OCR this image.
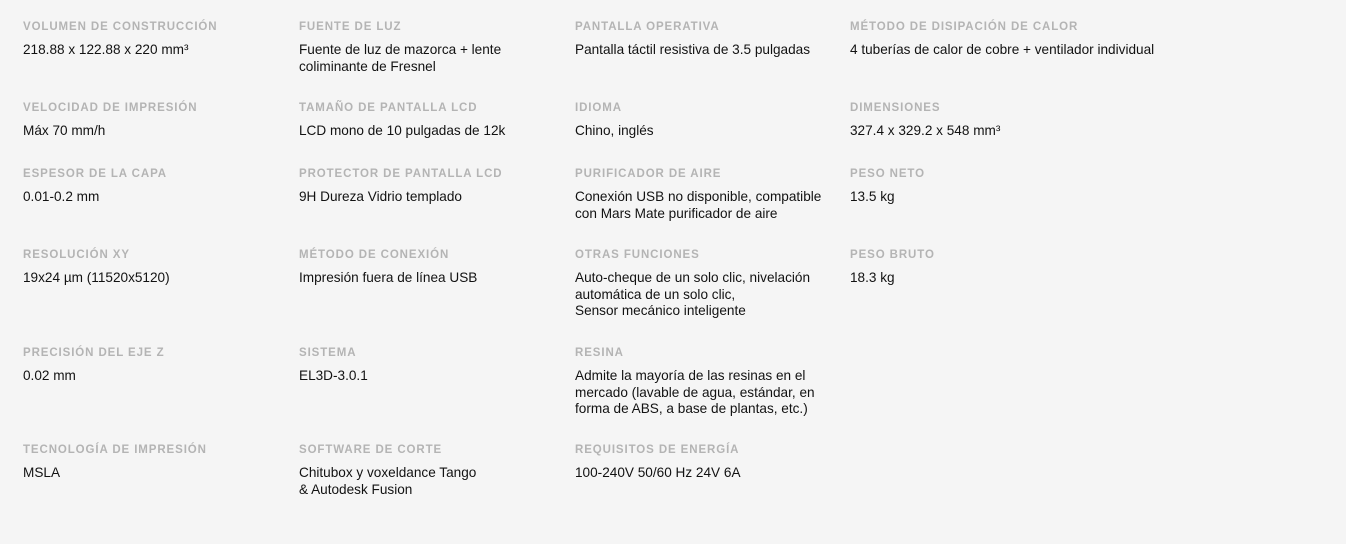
VOLUMEN DE CONSTRUCCIÓN
218.88 x 122.88 x 220 mm³
FUENTE DE LUZ
Fuente de luz de mazorca + lente
coliminante de Fresnel
PANTALLA OPERATIVA
Pantalla táctil resistiva de 3.5 pulgadas
MÉTODO DE DISIPACIÓN DE CALOR
4 tuberías de calor de cobre + ventilador individual
VELOCIDAD DE IMPRESIÓN
Máx 70 mm/h
TAMAÑO DE PANTALLA LCD
LCD mono de 10 pulgadas de 12k
IDIOMA
Chino, inglés
DIMENSIONES
327.4 x 329.2 x 548 mm³
ESPESOR DE LA CAPA
0.01-0.2 mm
PROTECTOR DE PANTALLA LCD
9H Dureza Vidrio templado
PURIFICADOR DE AIRE
Conexión USB no disponible, compatible
con Mars Mate purificador de aire
PESO NETO
13.5 kg
RESOLUCIÓN XY
19x24 µm (11520x5120)
MÉTODO DE CONEXIÓN
Impresión fuera de línea USB
OTRAS FUNCIONES
Auto-cheque de un solo clic, nivelación
automática de un solo clic,
Sensor mecánico inteligente
PESO BRUTO
18.3 kg
PRECISIÓN DEL EJE Z
0.02 mm
SISTEMA
EL3D-3.0.1
RESINA
Admite la mayoría de las resinas en el
mercado (lavable de agua, estándar, en
forma de ABS, a base de plantas, etc.)
TECNOLOGÍA DE IMPRESIÓN
MSLA
SOFTWARE DE CORTE
Chitubox y voxeldance Tango
& Autodesk Fusion
REQUISITOS DE ENERGÍA
100-240V 50/60 Hz 24V 6A
